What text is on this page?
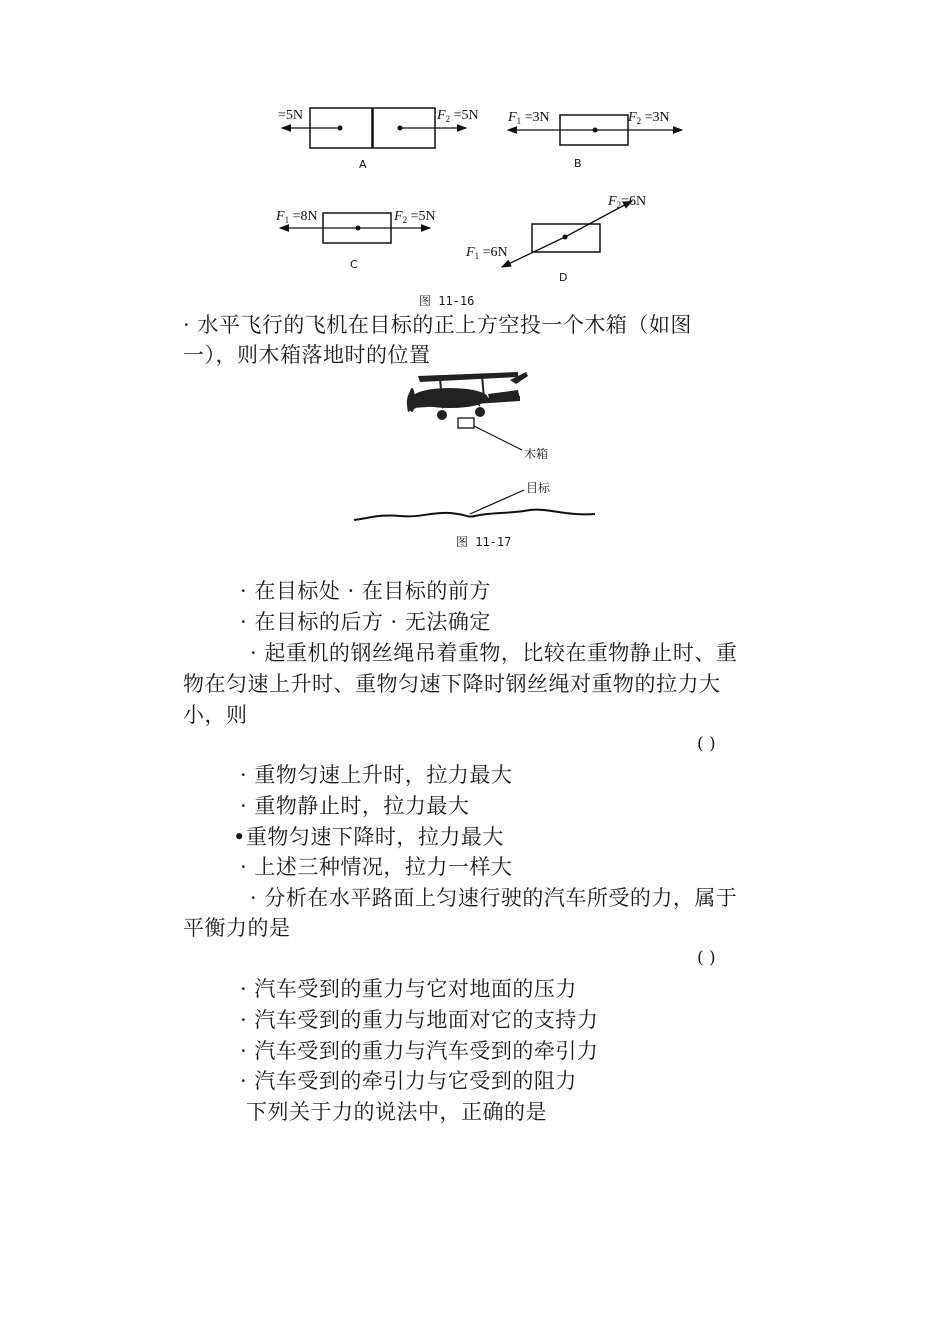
=5N	$F_2 =5N$
A
$F_1 =3N$	$F_2 =3N$
B
$F_1 =8N$	$F_2 =5N$
C
$F_1 =6N$
$F_2=6N$
D
图 11-16
· 水平飞行的飞机在目标的正上方空投一个木箱（如图
一），则木箱落地时的位置
木箱
目标
图 11-17
· 在目标处 · 在目标的前方
· 在目标的后方 · 无法确定
· 起重机的钢丝绳吊着重物，比较在重物静止时、重
物在匀速上升时、重物匀速下降时钢丝绳对重物的拉力大
小，则
( )
· 重物匀速上升时，拉力最大
· 重物静止时，拉力最大
•重物匀速下降时，拉力最大
· 上述三种情况，拉力一样大
· 分析在水平路面上匀速行驶的汽车所受的力，属于
平衡力的是
( )
· 汽车受到的重力与它对地面的压力
· 汽车受到的重力与地面对它的支持力
· 汽车受到的重力与汽车受到的牵引力
· 汽车受到的牵引力与它受到的阻力
下列关于力的说法中，正确的是
